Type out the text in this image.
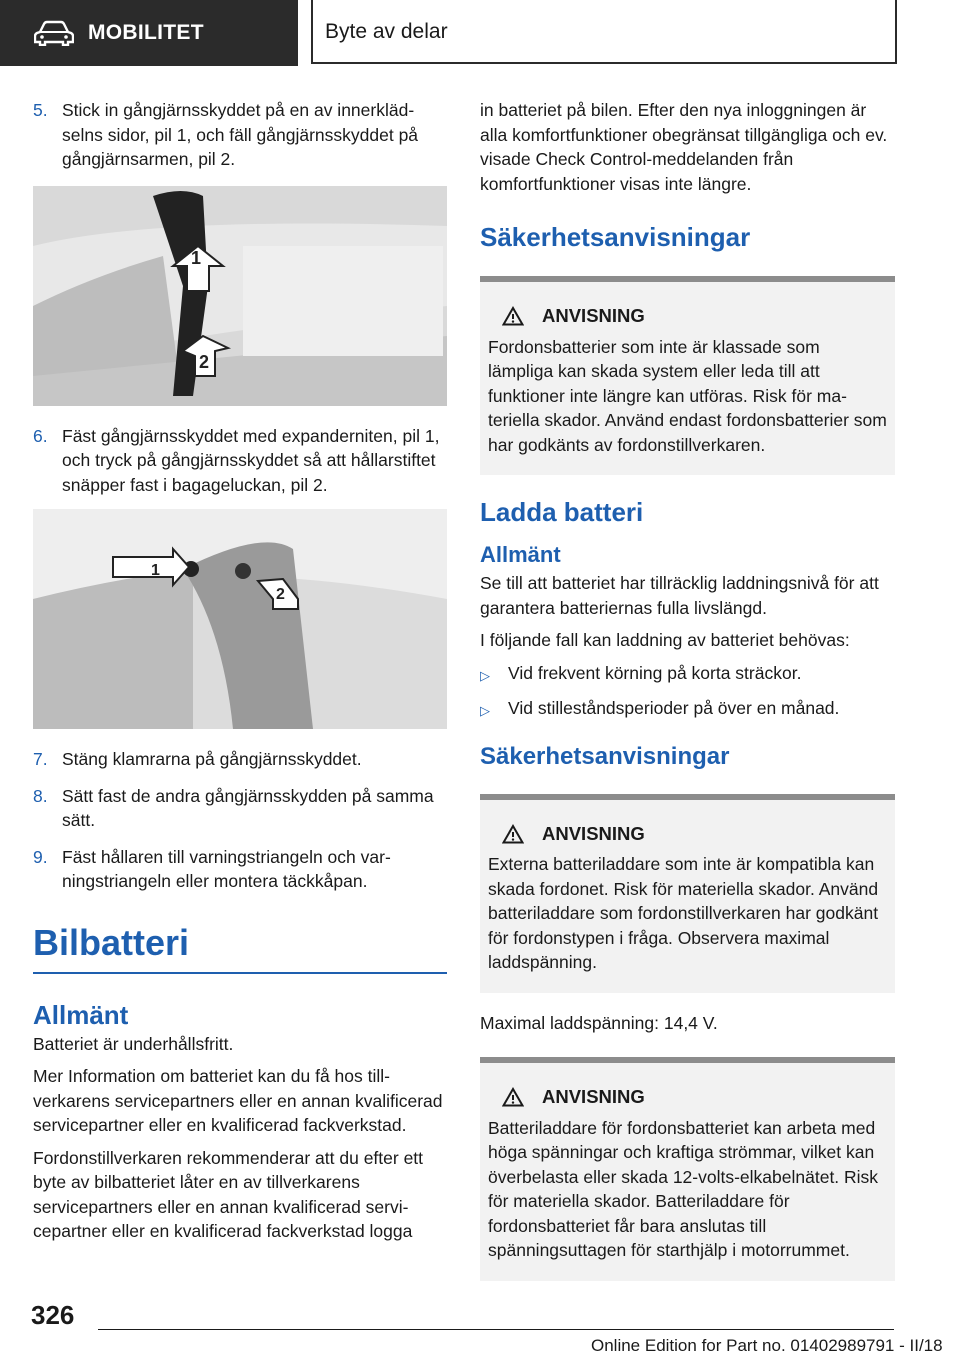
MOBILITET	Byte av delar
5. Stick in gångjärnsskyddet på en av innerklädselns sidor, pil 1, och fäll gångjärnsskyddet på gångjärnsarmen, pil 2.
1
2
6. Fäst gångjärnsskyddet med expanderniten, pil 1, och tryck på gångjärnsskyddet så att hållarstiftet snäpper fast i bagageluckan, pil 2.
1
2
7. Stäng klamrarna på gångjärnsskyddet.
8. Sätt fast de andra gångjärnsskydden på samma sätt.
9. Fäst hållaren till varningstriangeln och varningstriangeln eller montera täckkåpan.
Bilbatteri
Allmänt

Batteriet är underhållsfritt.

Mer Information om batteriet kan du få hos tillverkarens servicepartners eller en annan kvalificerad servicepartner eller en kvalificerad fackverkstad.

Fordonstillverkaren rekommenderar att du efter ett byte av bilbatteriet låter en av tillverkarens servicepartners eller en annan kvalificerad servicepartner eller en kvalificerad fackverkstad logga

in batteriet på bilen. Efter den nya inloggningen är alla komfortfunktioner obegränsat tillgängliga och ev. visade Check Control-meddelanden från komfortfunktioner visas inte längre.

Säkerhetsanvisningar
ANVISNING
Fordonsbatterier som inte är klassade som lämpliga kan skada system eller leda till att funktioner inte längre kan utföras. Risk för materiella skador. Använd endast fordonsbatterier som har godkänts av fordonstillverkaren.
Ladda batteri
Allmänt

Se till att batteriet har tillräcklig laddningsnivå för att garantera batteriernas fulla livslängd.

I följande fall kan laddning av batteriet behövas:

▷	Vid frekvent körning på korta sträckor.
▷	Vid stilleståndsperioder på över en månad.
Säkerhetsanvisningar
ANVISNING
Externa batteriladdare som inte är kompatibla kan skada fordonet. Risk för materiella skador. Använd batteriladdare som fordonstillverkaren har godkänt för fordonstypen i fråga. Observera maximal laddspänning.

Maximal laddspänning: 14,4 V.

ANVISNING
Batteriladdare för fordonsbatteriet kan arbeta med höga spänningar och kraftiga strömmar, vilket kan överbelasta eller skada 12-volts-elkabelnätet. Risk för materiella skador. Batteriladdare för fordonsbatteriet får bara anslutas till spänningsuttagen för starthjälp i motorrummet.
326
Online Edition for Part no. 01402989791 - II/18
